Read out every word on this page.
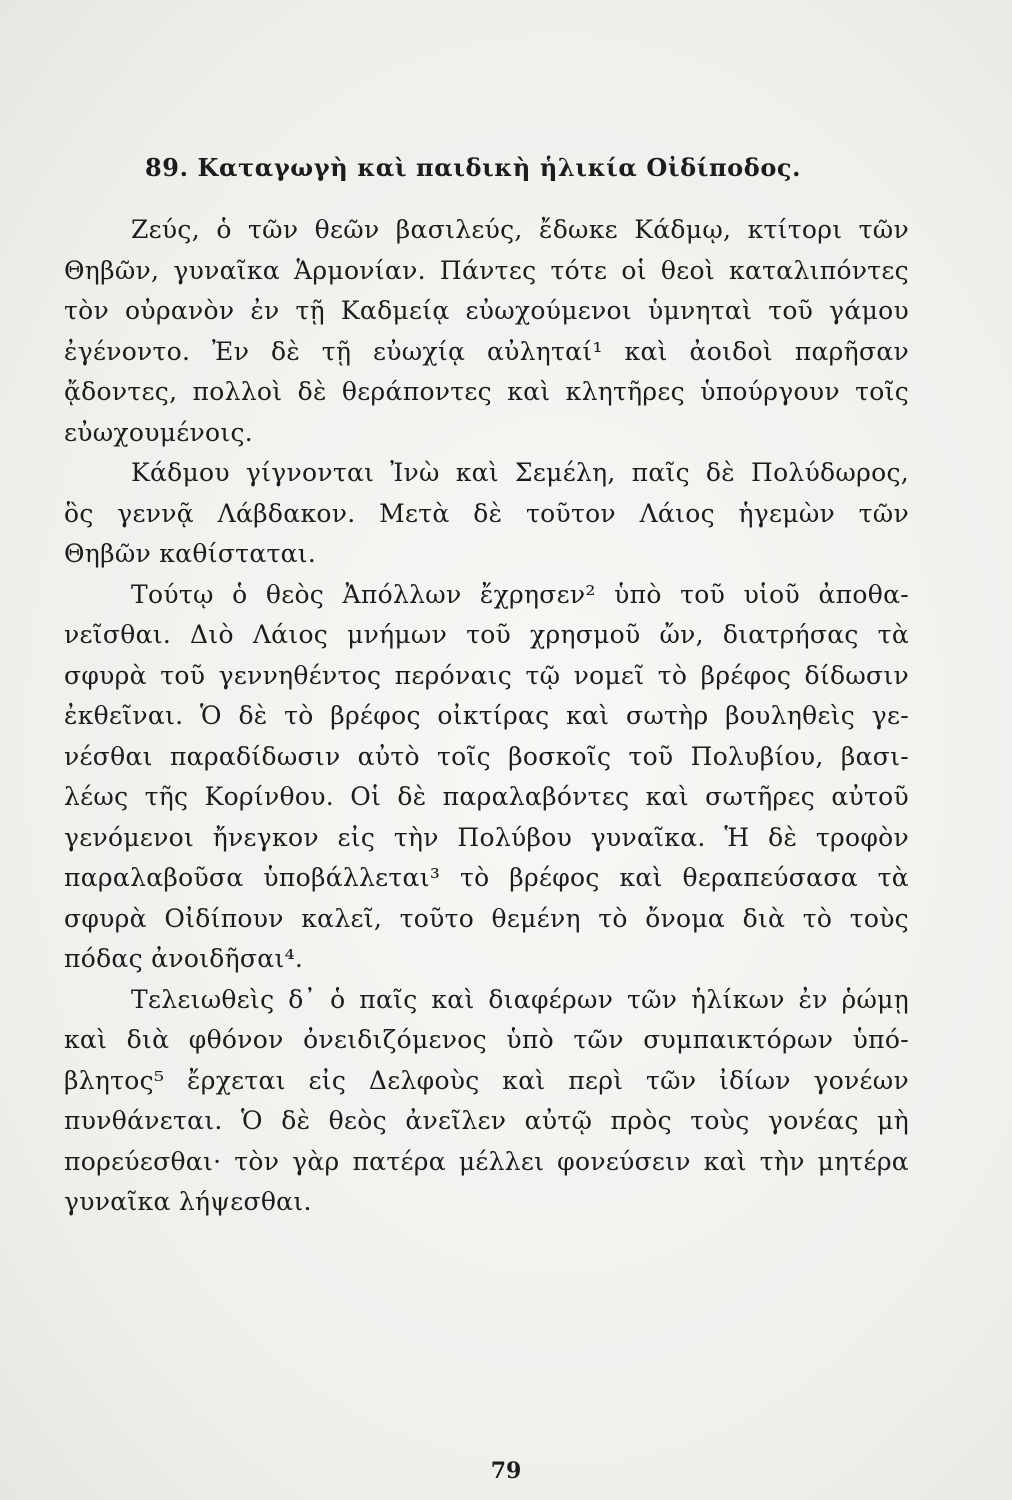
89. Καταγωγὴ καὶ παιδικὴ ἡλικία Οἰδίποδος.
Ζεύς, ὁ τῶν θεῶν βασιλεύς, ἔδωκε Κάδμῳ, κτίτορι τῶν
Θηβῶν, γυναῖκα Ἁρμονίαν. Πάντες τότε οἱ θεοὶ καταλιπόντες
τὸν οὐρανὸν ἐν τῇ Καδμείᾳ εὐωχούμενοι ὑμνηταὶ τοῦ γάμου
ἐγένοντο. Ἐν δὲ τῇ εὐωχίᾳ αὐληταί¹ καὶ ἀοιδοὶ παρῆσαν
ᾄδοντες, πολλοὶ δὲ θεράποντες καὶ κλητῆρες ὑπούργουν τοῖς
εὐωχουμένοις.
Κάδμου γίγνονται Ἰνὼ καὶ Σεμέλη, παῖς δὲ Πολύδωρος,
ὃς γεννᾷ Λάβδακον. Μετὰ δὲ τοῦτον Λάιος ἡγεμὼν τῶν
Θηβῶν καθίσταται.
Τούτῳ ὁ θεὸς Ἀπόλλων ἔχρησεν² ὑπὸ τοῦ υἱοῦ ἀποθα-
νεῖσθαι. Διὸ Λάιος μνήμων τοῦ χρησμοῦ ὤν, διατρήσας τὰ
σφυρὰ τοῦ γεννηθέντος περόναις τῷ νομεῖ τὸ βρέφος δίδωσιν
ἐκθεῖναι. Ὁ δὲ τὸ βρέφος οἰκτίρας καὶ σωτὴρ βουληθεὶς γε-
νέσθαι παραδίδωσιν αὐτὸ τοῖς βοσκοῖς τοῦ Πολυβίου, βασι-
λέως τῆς Κορίνθου. Οἱ δὲ παραλαβόντες καὶ σωτῆρες αὐτοῦ
γενόμενοι ἤνεγκον εἰς τὴν Πολύβου γυναῖκα. Ἡ δὲ τροφὸν
παραλαβοῦσα ὑποβάλλεται³ τὸ βρέφος καὶ θεραπεύσασα τὰ
σφυρὰ Οἰδίπουν καλεῖ, τοῦτο θεμένη τὸ ὄνομα διὰ τὸ τοὺς
πόδας ἀνοιδῆσαι⁴.
Τελειωθεὶς δ᾽ ὁ παῖς καὶ διαφέρων τῶν ἡλίκων ἐν ῥώμῃ
καὶ διὰ φθόνον ὀνειδιζόμενος ὑπὸ τῶν συμπαικτόρων ὑπό-
βλητος⁵ ἔρχεται εἰς Δελφοὺς καὶ περὶ τῶν ἰδίων γονέων
πυνθάνεται. Ὁ δὲ θεὸς ἀνεῖλεν αὐτῷ πρὸς τοὺς γονέας μὴ
πορεύεσθαι· τὸν γὰρ πατέρα μέλλει φονεύσειν καὶ τὴν μητέρα
γυναῖκα λήψεσθαι.

79
